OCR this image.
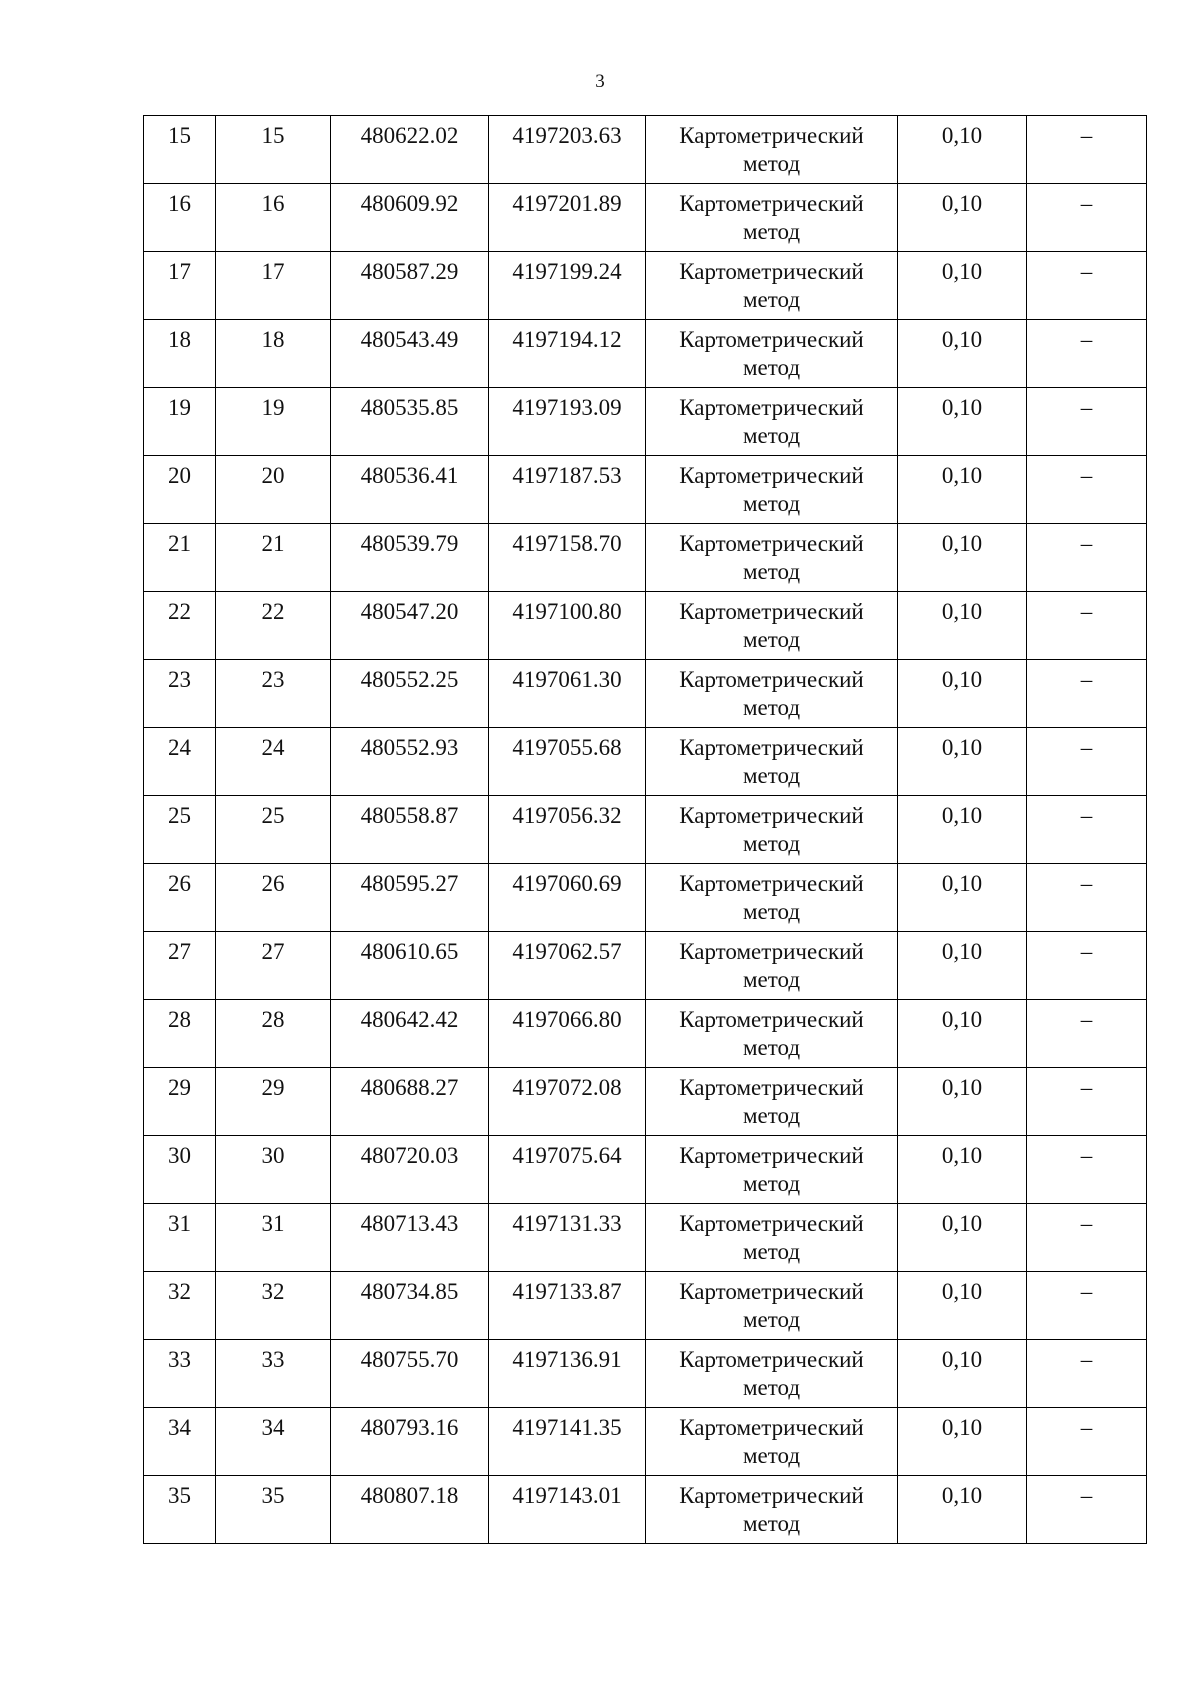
3
15	15	480622.02	4197203.63	Картометрический
метод	0,10	–
16	16	480609.92	4197201.89	Картометрический
метод	0,10	–
17	17	480587.29	4197199.24	Картометрический
метод	0,10	–
18	18	480543.49	4197194.12	Картометрический
метод	0,10	–
19	19	480535.85	4197193.09	Картометрический
метод	0,10	–
20	20	480536.41	4197187.53	Картометрический
метод	0,10	–
21	21	480539.79	4197158.70	Картометрический
метод	0,10	–
22	22	480547.20	4197100.80	Картометрический
метод	0,10	–
23	23	480552.25	4197061.30	Картометрический
метод	0,10	–
24	24	480552.93	4197055.68	Картометрический
метод	0,10	–
25	25	480558.87	4197056.32	Картометрический
метод	0,10	–
26	26	480595.27	4197060.69	Картометрический
метод	0,10	–
27	27	480610.65	4197062.57	Картометрический
метод	0,10	–
28	28	480642.42	4197066.80	Картометрический
метод	0,10	–
29	29	480688.27	4197072.08	Картометрический
метод	0,10	–
30	30	480720.03	4197075.64	Картометрический
метод	0,10	–
31	31	480713.43	4197131.33	Картометрический
метод	0,10	–
32	32	480734.85	4197133.87	Картометрический
метод	0,10	–
33	33	480755.70	4197136.91	Картометрический
метод	0,10	–
34	34	480793.16	4197141.35	Картометрический
метод	0,10	–
35	35	480807.18	4197143.01	Картометрический
метод	0,10	–
